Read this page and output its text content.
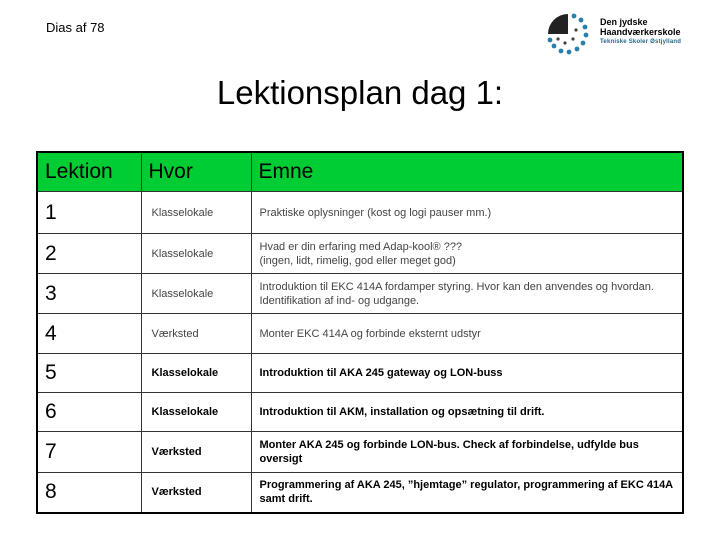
Dias af 78	Den jydske Haandværkerskole
Tekniske Skoler Østjylland
Lektionsplan dag 1:
Lektion	Hvor	Emne
1	Klasselokale	Praktiske oplysninger (kost og logi pauser mm.)
2	Klasselokale	Hvad er din erfaring med Adap-kool® ???
(ingen, lidt, rimelig, god eller meget god)
3	Klasselokale	Introduktion til EKC 414A fordamper styring. Hvor kan den anvendes og hvordan. Identifikation af ind- og udgange.
4	Værksted	Monter EKC 414A og forbinde eksternt udstyr
5	Klasselokale	Introduktion til AKA 245 gateway og LON-buss
6	Klasselokale	Introduktion til AKM, installation og opsætning til drift.
7	Værksted	Monter AKA 245 og forbinde LON-bus. Check af forbindelse, udfylde bus oversigt
8	Værksted	Programmering af AKA 245, ”hjemtage” regulator, programmering af EKC 414A samt drift.
